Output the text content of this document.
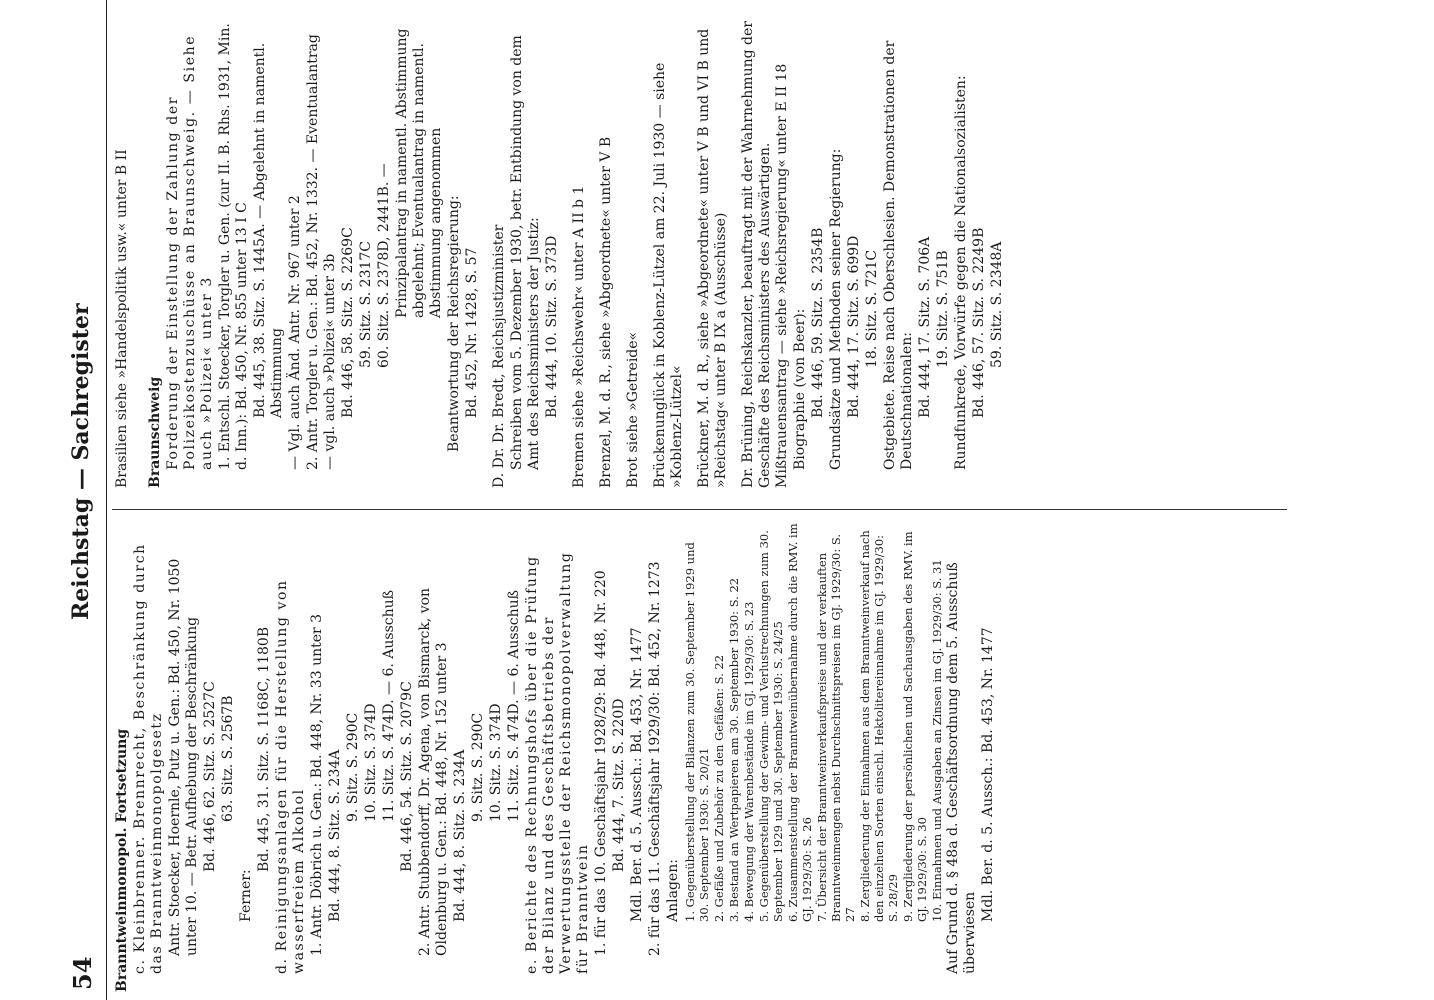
54
Reichstag — Sachregister
Branntweinmonopol. Fortsetzung c. Kleinbrenner. Brennrecht, Beschränkung durch das Branntweinmonopolgesetz Antr. Stoecker, Hoernle, Putz u. Gen.: Bd. 450, Nr. 1050 unter 10. — Betr. Aufhebung der Beschränkung Bd. 446, 62. Sitz. S. 2527C 63. Sitz. S. 2567B
Ferner:
Bd. 445, 31. Sitz. S. 1168C, 1180B d. Reinigungsanlagen für die Herstellung von wasserfreiem Alkohol 1. Antr. Döbrich u. Gen.: Bd. 448, Nr. 33 unter 3 Bd. 444, 8. Sitz. S. 234A 9. Sitz. S. 290C 10. Sitz. S. 374D 11. Sitz. S. 474D. — 6. Ausschuß Bd. 446, 54. Sitz. S. 2079C 2. Antr. Stubbendorff, Dr. Agena, von Bismarck, von Oldenburg u. Gen.: Bd. 448, Nr. 152 unter 3 Bd. 444, 8. Sitz. S. 234A 9. Sitz. S. 290C 10. Sitz. S. 374D 11. Sitz. S. 474D. — 6. Ausschuß e. Berichte des Rechnungshofs über die Prüfung der Bilanz und des Geschäftsbetriebs der Verwertungsstelle der Reichsmonopolverwaltung für Branntwein 1. für das 10. Geschäftsjahr 1928/29: Bd. 448, Nr. 220 Bd. 444, 7. Sitz. S. 220D Mdl. Ber. d. 5. Aussch.: Bd. 453, Nr. 1477 2. für das 11. Geschäftsjahr 1929/30: Bd. 452, Nr. 1273 Anlagen: 1. Gegenüberstellung der Bilanzen zum 30. September 1929 und 30. September 1930: S. 20/21 2. Gefäße und Zubehör zu den Gefäßen: S. 22 3. Bestand an Wertpapieren am 30. September 1930: S. 22 4. Bewegung der Warenbestände im GJ. 1929/30: S. 23 5. Gegenüberstellung der Gewinn- und Verlustrechnungen zum 30. September 1929 und 30. September 1930: S. 24/25 6. Zusammenstellung der Branntweinübernahme durch die RMV. im GJ. 1929/30: S. 26 7. Übersicht der Branntweinverkaufspreise und der verkauften Branntweinmengen nebst Durchschnittspreisen im GJ. 1929/30: S. 27 8. Zergliederung der Einnahmen aus dem Branntweinverkauf nach den einzelnen Sorten einschl. Hektolitereinnahme im GJ. 1929/30: S. 28/29 9. Zergliederung der persönlichen und Sachausgaben des RMV. im GJ. 1929/30: S. 30 10. Einnahmen und Ausgaben an Zinsen im GJ. 1929/30: S. 31 Auf Grund d. § 48a d. Geschäftsordnung dem 5. Ausschuß überwiesen
Mdl. Ber. d. 5. Aussch.: Bd. 453, Nr. 1477
Brasilien siehe »Handelspolitik usw.« unter B II Braunschweig Forderung der Einstellung der Zahlung der Polizeikostenzuschüsse an Braunschweig. — Siehe auch »Polizei« unter 3 1. Entschl. Stoecker, Torgler u. Gen. (zur II. B. Rhs. 1931, Min. d. Inn.): Bd. 450, Nr. 855 unter 13 I C Bd. 445, 38. Sitz. S. 1445A. — Abgelehnt in namentl. Abstimmung — Vgl. auch Änd. Antr. Nr. 967 unter 2 2. Antr. Torgler u. Gen.: Bd. 452, Nr. 1332. — Eventualantrag — vgl. auch »Polizei« unter 3b Bd. 446, 58. Sitz. S. 2269C 59. Sitz. S. 2317C 60. Sitz. S. 2378D, 2441B. — Prinzipalantrag in namentl. Abstimmung abgelehnt; Eventualantrag in namentl. Abstimmung angenommen Beantwortung der Reichsregierung: Bd. 452, Nr. 1428, S. 57 D. Dr. Dr. Bredt, Reichsjustizminister Schreiben vom 5. Dezember 1930, betr. Entbindung von dem Amt des Reichsministers der Justiz: Bd. 444, 10. Sitz. S. 373D Bremen siehe »Reichswehr« unter A II b 1 Brenzel, M. d. R., siehe »Abgeordnete« unter V B Brot siehe »Getreide« Brückenunglück in Koblenz-Lützel am 22. Juli 1930 — siehe »Koblenz-Lützel« Brückner, M. d. R., siehe »Abgeordnete« unter V B und VI B und »Reichstag« unter B IX a (Ausschüsse) Dr. Brüning, Reichskanzler, beauftragt mit der Wahrnehmung der Geschäfte des Reichsministers des Auswärtigen. Mißtrauensantrag — siehe »Reichsregierung« unter E II 18 Biographie (von Beer): Bd. 446, 59. Sitz. S. 2354B Grundsätze und Methoden seiner Regierung: Bd. 444, 17. Sitz. S. 699D 18. Sitz. S. 721C Ostgebiete. Reise nach Oberschlesien. Demonstrationen der Deutschnationalen: Bd. 444, 17. Sitz. S. 706A 19. Sitz. S. 751B Rundfunkrede, Vorwürfe gegen die Nationalsozialisten: Bd. 446, 57. Sitz. S. 2249B 59. Sitz. S. 2348A
